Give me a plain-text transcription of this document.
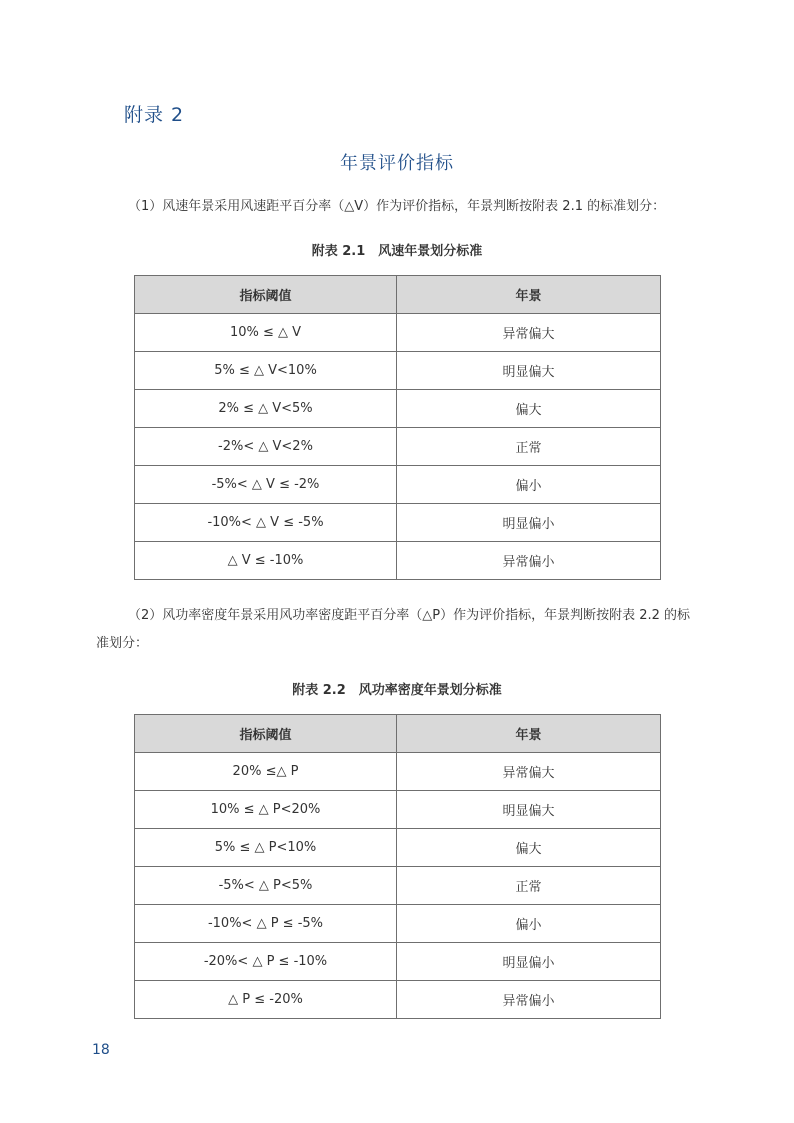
附录 2
年景评价指标

（1）风速年景采用风速距平百分率（△V）作为评价指标，年景判断按附表 2.1 的标准划分：

附表 2.1　风速年景划分标准
指标阈值	年景
10% ≤ △ V	异常偏大
5% ≤ △ V<10%	明显偏大
2% ≤ △ V<5%	偏大
-2%< △ V<2%	正常
-5%< △ V ≤ -2%	偏小
-10%< △ V ≤ -5%	明显偏小
△ V ≤ -10%	异常偏小

（2）风功率密度年景采用风功率密度距平百分率（△P）作为评价指标，年景判断按附表 2.2 的标准划分：

附表 2.2　风功率密度年景划分标准
指标阈值	年景
20% ≤△ P	异常偏大
10% ≤ △ P<20%	明显偏大
5% ≤ △ P<10%	偏大
-5%< △ P<5%	正常
-10%< △ P ≤ -5%	偏小
-20%< △ P ≤ -10%	明显偏小
△ P ≤ -20%	异常偏小
18
